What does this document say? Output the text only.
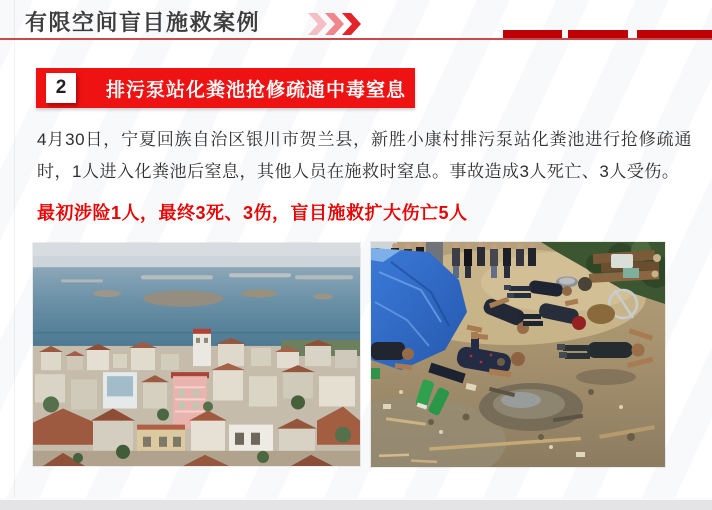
有限空间盲目施救案例
2	排污泵站化粪池抢修疏通中毒窒息
4月30日，宁夏回族自治区银川市贺兰县，新胜小康村排污泵站化粪池进行抢修疏通时，1人进入化粪池后窒息，其他人员在施救时窒息。事故造成3人死亡、3人受伤。
最初涉险1人，最终3死、3伤，盲目施救扩大伤亡5人
